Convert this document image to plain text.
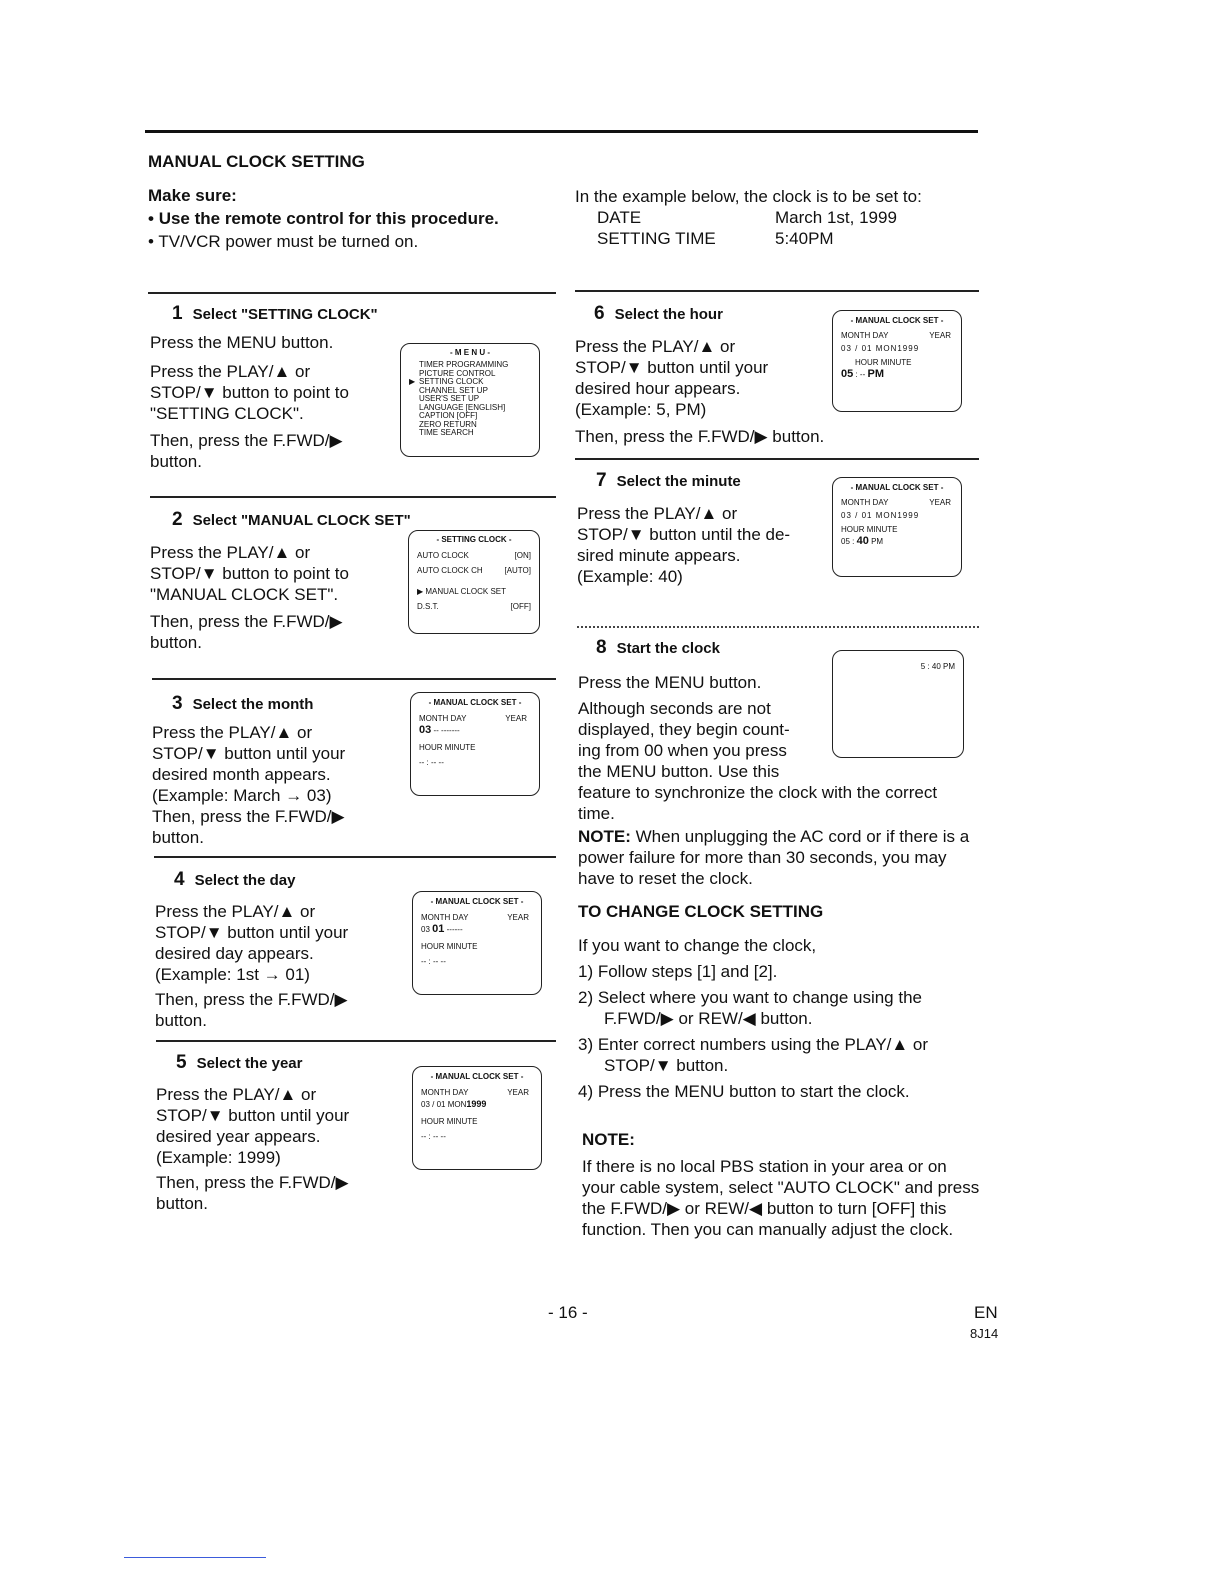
MANUAL CLOCK SETTING
Make sure:
• Use the remote control for this procedure.
• TV/VCR power must be turned on.
In the example below, the clock is to be set to:
DATE	March 1st, 1999
SETTING TIME	5:40PM
1 Select "SETTING CLOCK"
Press the MENU button.
Press the PLAY/▲ or
STOP/▼ button to point to
"SETTING CLOCK".
Then, press the F.FWD/▶
button.
- M E N U -
TIMER PROGRAMMING
PICTURE CONTROL
▶ SETTING CLOCK
CHANNEL SET UP
USER'S SET UP
LANGUAGE [ENGLISH]
CAPTION [OFF]
ZERO RETURN
TIME SEARCH
2 Select "MANUAL CLOCK SET"
Press the PLAY/▲ or
STOP/▼ button to point to
"MANUAL CLOCK SET".
Then, press the F.FWD/▶
button.
- SETTING CLOCK -
AUTO CLOCK	[ON]
AUTO CLOCK CH	[AUTO]
▶ MANUAL CLOCK SET
D.S.T.	[OFF]
3 Select the month
Press the PLAY/▲ or
STOP/▼ button until your
desired month appears.
(Example: March → 03)
Then, press the F.FWD/▶
button.
- MANUAL CLOCK SET -
MONTH DAY	YEAR
03 -- -------
HOUR MINUTE
-- : -- --
4 Select the day
Press the PLAY/▲ or
STOP/▼ button until your
desired day appears.
(Example: 1st → 01)
Then, press the F.FWD/▶
button.
- MANUAL CLOCK SET -
MONTH DAY	YEAR
03 01 ------
HOUR MINUTE
-- : -- --
5 Select the year
Press the PLAY/▲ or
STOP/▼ button until your
desired year appears.
(Example: 1999)
Then, press the F.FWD/▶
button.
- MANUAL CLOCK SET -
MONTH DAY	YEAR
03 / 01 MON1999
HOUR MINUTE
-- : -- --
6 Select the hour
Press the PLAY/▲ or
STOP/▼ button until your
desired hour appears.
(Example: 5, PM)
Then, press the F.FWD/▶ button.
- MANUAL CLOCK SET -
MONTH DAY	YEAR
03 / 01 MON1999
HOUR MINUTE
05 : -- PM
7 Select the minute
Press the PLAY/▲ or
STOP/▼ button until the de-
sired minute appears.
(Example: 40)
- MANUAL CLOCK SET -
MONTH DAY	YEAR
03 / 01 MON1999
HOUR MINUTE
05 : 40 PM
8 Start the clock
Press the MENU button.
Although seconds are not
displayed, they begin count-
ing from 00 when you press
the MENU button. Use this
feature to synchronize the clock with the correct
time.
5 : 40 PM
NOTE: When unplugging the AC cord or if there is a power failure for more than 30 seconds, you may have to reset the clock.
TO CHANGE CLOCK SETTING
If you want to change the clock,
1) Follow steps [1] and [2].
2) Select where you want to change using the
F.FWD/▶ or REW/◀ button.
3) Enter correct numbers using the PLAY/▲ or
STOP/▼ button.
4) Press the MENU button to start the clock.
NOTE:
If there is no local PBS station in your area or on your cable system, select "AUTO CLOCK" and press the F.FWD/▶ or REW/◀ button to turn [OFF] this function. Then you can manually adjust the clock.
- 16 -	EN
8J14
